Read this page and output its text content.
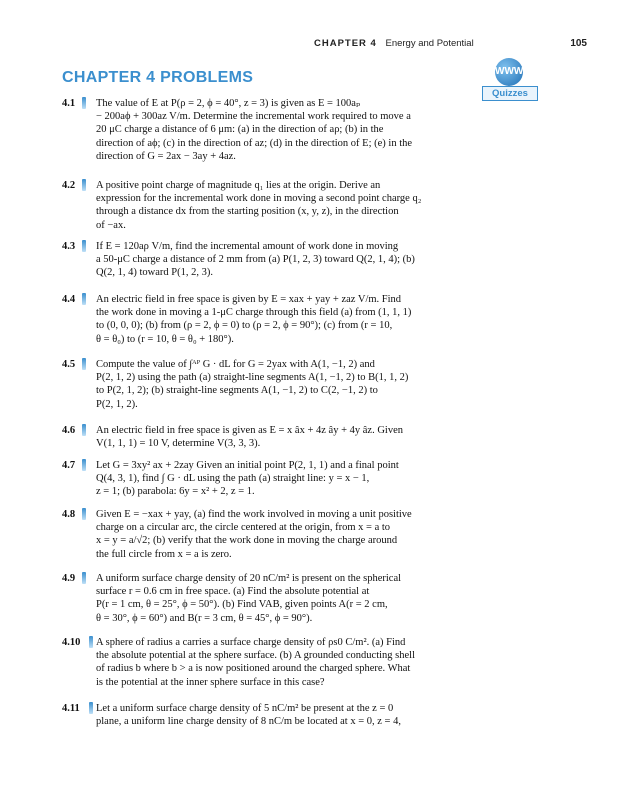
CHAPTER 4 Energy and Potential	105
CHAPTER 4 PROBLEMS	WWW
Quizzes
4.1 The value of E at P(ρ = 2, ϕ = 40°, z = 3) is given as E = 100aₚ
− 200aϕ + 300az V/m. Determine the incremental work required to move a
20 μC charge a distance of 6 μm: (a) in the direction of aρ; (b) in the
direction of aϕ; (c) in the direction of az; (d) in the direction of E; (e) in the
direction of G = 2ax − 3ay + 4az.
4.2 A positive point charge of magnitude q₁ lies at the origin. Derive an
expression for the incremental work done in moving a second point charge q₂
through a distance dx from the starting position (x, y, z), in the direction
of −ax.
4.3 If E = 120aρ V/m, find the incremental amount of work done in moving
a 50-μC charge a distance of 2 mm from (a) P(1, 2, 3) toward Q(2, 1, 4); (b)
Q(2, 1, 4) toward P(1, 2, 3).
4.4 An electric field in free space is given by E = xax + yay + zaz V/m. Find
the work done in moving a 1-μC charge through this field (a) from (1, 1, 1)
to (0, 0, 0); (b) from (ρ = 2, ϕ = 0) to (ρ = 2, ϕ = 90°); (c) from (r = 10,
θ = θ₀) to (r = 10, θ = θ₀ + 180°).
4.5 Compute the value of ∫ᴬᴾ G · dL for G = 2yax with A(1, −1, 2) and
P(2, 1, 2) using the path (a) straight-line segments A(1, −1, 2) to B(1, 1, 2)
to P(2, 1, 2); (b) straight-line segments A(1, −1, 2) to C(2, −1, 2) to
P(2, 1, 2).
4.6 An electric field in free space is given as E = x âx + 4z ây + 4y âz. Given
V(1, 1, 1) = 10 V, determine V(3, 3, 3).
4.7 Let G = 3xy² ax + 2zay Given an initial point P(2, 1, 1) and a final point
Q(4, 3, 1), find ∫ G · dL using the path (a) straight line: y = x − 1,
z = 1; (b) parabola: 6y = x² + 2, z = 1.
4.8 Given E = −xax + yay, (a) find the work involved in moving a unit positive
charge on a circular arc, the circle centered at the origin, from x = a to
x = y = a/√2; (b) verify that the work done in moving the charge around
the full circle from x = a is zero.
4.9 A uniform surface charge density of 20 nC/m² is present on the spherical
surface r = 0.6 cm in free space. (a) Find the absolute potential at
P(r = 1 cm, θ = 25°, ϕ = 50°). (b) Find VAB, given points A(r = 2 cm,
θ = 30°, ϕ = 60°) and B(r = 3 cm, θ = 45°, ϕ = 90°).
4.10 A sphere of radius a carries a surface charge density of ρs0 C/m². (a) Find
the absolute potential at the sphere surface. (b) A grounded conducting shell
of radius b where b > a is now positioned around the charged sphere. What
is the potential at the inner sphere surface in this case?
4.11 Let a uniform surface charge density of 5 nC/m² be present at the z = 0
plane, a uniform line charge density of 8 nC/m be located at x = 0, z = 4,
